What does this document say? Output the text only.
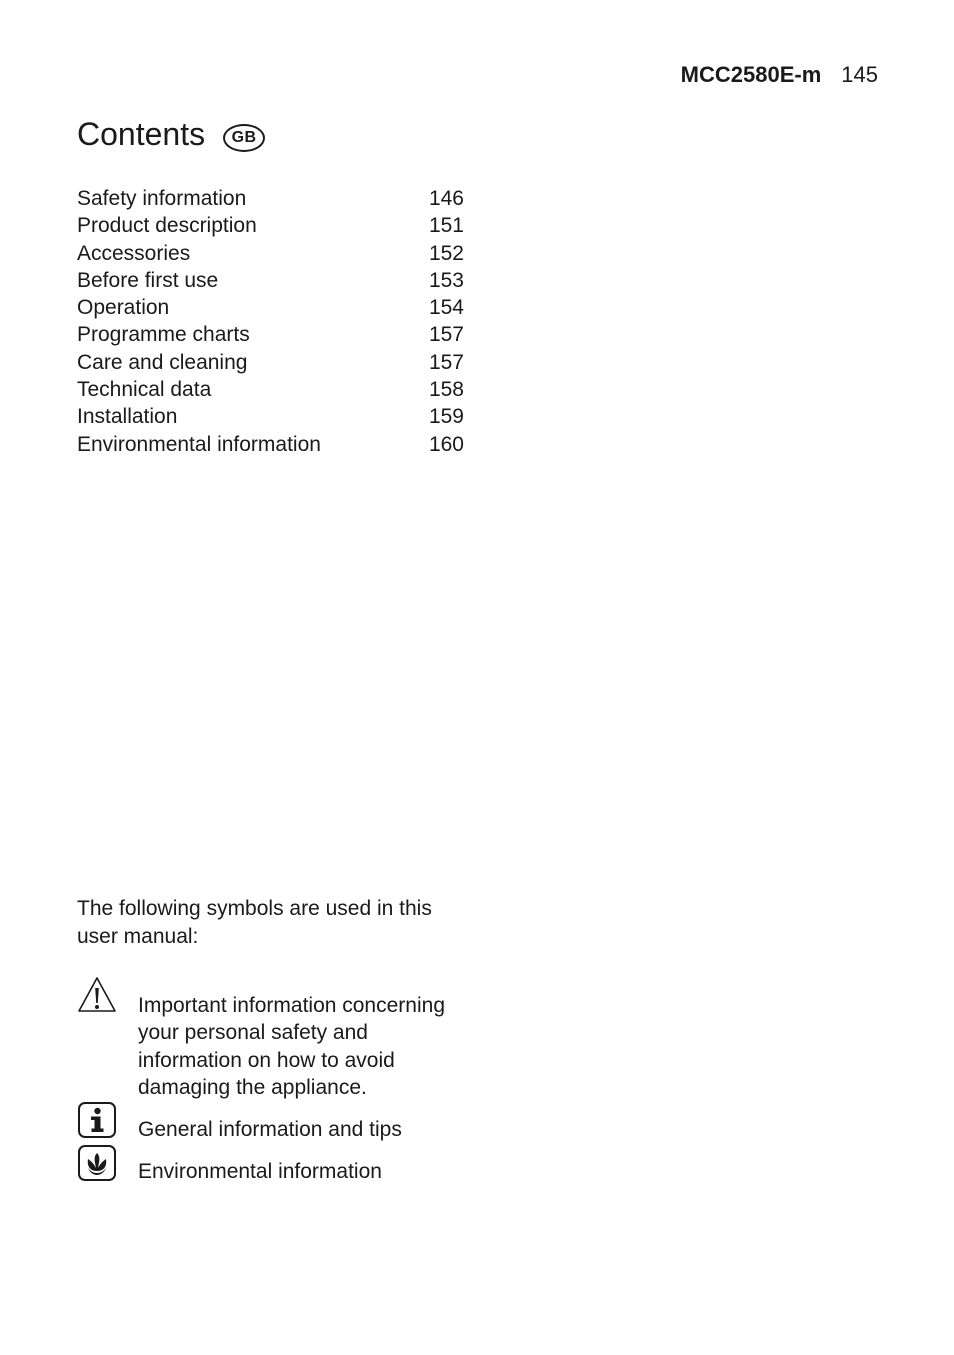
MCC2580E-m 145
Contents	GB
Safety information	146
Product description	151
Accessories	152
Before first use	153
Operation	154
Programme charts	157
Care and cleaning	157
Technical data	158
Installation	159
Environmental information	160

The following symbols are used in this user manual:

Important information concerning your personal safety and information on how to avoid damaging the appliance.
General information and tips
Environmental information
